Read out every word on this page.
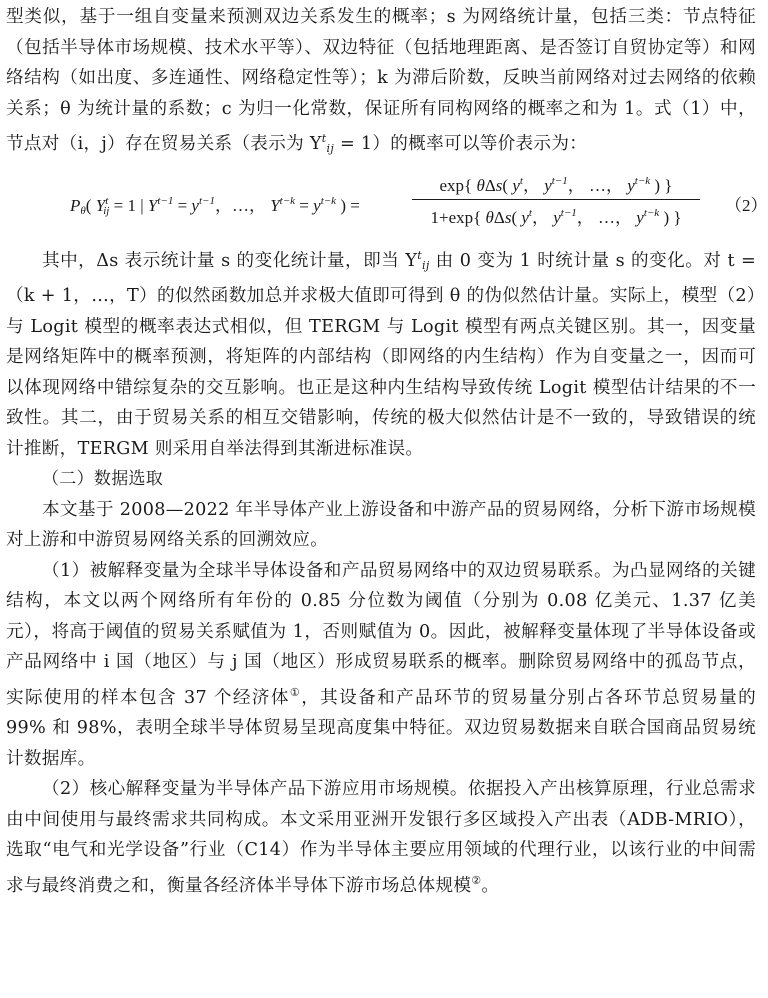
型类似，基于一组自变量来预测双边关系发生的概率；s 为网络统计量，包括三类：节点特征（包括半导体市场规模、技术水平等）、双边特征（包括地理距离、是否签订自贸协定等）和网络结构（如出度、多连通性、网络稳定性等）；k 为滞后阶数，反映当前网络对过去网络的依赖关系；θ 为统计量的系数；c 为归一化常数，保证所有同构网络的概率之和为 1。式（1）中，节点对（i，j）存在贸易关系（表示为 $Y^t_{ij} = 1$）的概率可以等价表示为：

$P_\theta$( $Y^t_{ij} = 1$ | $Y^{t-1} = y^{t-1}$，…， $Y^{t-k} = y^{t-k}$ ) =	$\frac{\exp\{ \theta\Delta s( y^t, y^{t-1}, \dots, y^{t-k} ) \}}{1+\exp\{ \theta\Delta s( y^t, y^{t-1}, \dots, y^{t-k} ) \}} (2)$

其中，Δs 表示统计量 s 的变化统计量，即当 $Y^t_{ij}$ 由 0 变为 1 时统计量 s 的变化。对 t =（k + 1，…，T）的似然函数加总并求极大值即可得到 θ 的伪似然估计量。实际上，模型（2）与 Logit 模型的概率表达式相似，但 TERGM 与 Logit 模型有两点关键区别。其一，因变量是网络矩阵中的概率预测，将矩阵的内部结构（即网络的内生结构）作为自变量之一，因而可以体现网络中错综复杂的交互影响。也正是这种内生结构导致传统 Logit 模型估计结果的不一致性。其二，由于贸易关系的相互交错影响，传统的极大似然估计是不一致的，导致错误的统计推断，TERGM 则采用自举法得到其渐进标准误。

（二）数据选取

本文基于 2008—2022 年半导体产业上游设备和中游产品的贸易网络，分析下游市场规模对上游和中游贸易网络关系的回溯效应。

（1）被解释变量为全球半导体设备和产品贸易网络中的双边贸易联系。为凸显网络的关键结构，本文以两个网络所有年份的 0.85 分位数为阈值（分别为 0.08 亿美元、1.37 亿美元），将高于阈值的贸易关系赋值为 1，否则赋值为 0。因此，被解释变量体现了半导体设备或产品网络中 i 国（地区）与 j 国（地区）形成贸易联系的概率。删除贸易网络中的孤岛节点，实际使用的样本包含 37 个经济体①，其设备和产品环节的贸易量分别占各环节总贸易量的 99% 和 98%，表明全球半导体贸易呈现高度集中特征。双边贸易数据来自联合国商品贸易统计数据库。

（2）核心解释变量为半导体产品下游应用市场规模。依据投入产出核算原理，行业总需求由中间使用与最终需求共同构成。本文采用亚洲开发银行多区域投入产出表（ADB-MRIO），选取“电气和光学设备”行业（C14）作为半导体主要应用领域的代理行业，以该行业的中间需求与最终消费之和，衡量各经济体半导体下游市场总体规模②。
